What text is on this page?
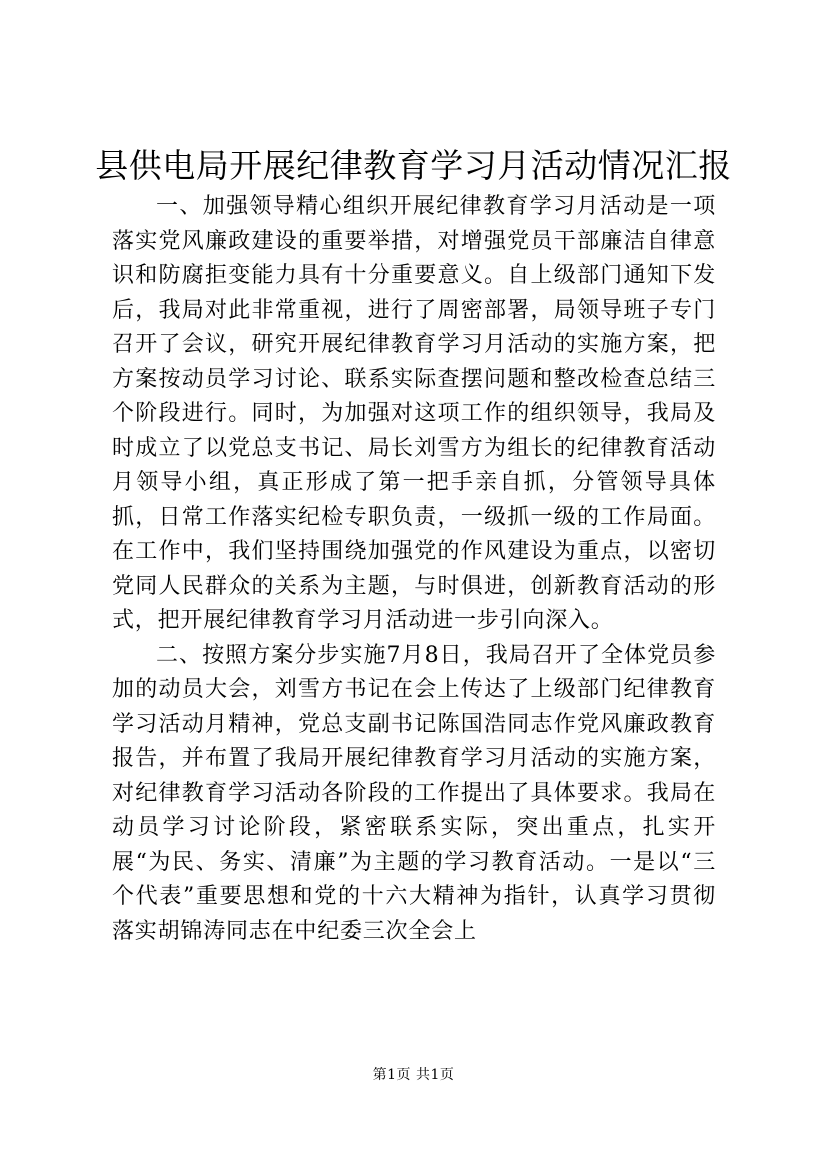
县供电局开展纪律教育学习月活动情况汇报

一、加强领导精心组织开展纪律教育学习月活动是一项落实党风廉政建设的重要举措，对增强党员干部廉洁自律意识和防腐拒变能力具有十分重要意义。自上级部门通知下发后，我局对此非常重视，进行了周密部署，局领导班子专门召开了会议，研究开展纪律教育学习月活动的实施方案，把方案按动员学习讨论、联系实际查摆问题和整改检查总结三个阶段进行。同时，为加强对这项工作的组织领导，我局及时成立了以党总支书记、局长刘雪方为组长的纪律教育活动月领导小组，真正形成了第一把手亲自抓，分管领导具体抓，日常工作落实纪检专职负责，一级抓一级的工作局面。在工作中，我们坚持围绕加强党的作风建设为重点，以密切党同人民群众的关系为主题，与时俱进，创新教育活动的形式，把开展纪律教育学习月活动进一步引向深入。

二、按照方案分步实施7月8日，我局召开了全体党员参加的动员大会，刘雪方书记在会上传达了上级部门纪律教育学习活动月精神，党总支副书记陈国浩同志作党风廉政教育报告，并布置了我局开展纪律教育学习月活动的实施方案，对纪律教育学习活动各阶段的工作提出了具体要求。我局在动员学习讨论阶段，紧密联系实际，突出重点，扎实开展“为民、务实、清廉”为主题的学习教育活动。一是以“三个代表”重要思想和党的十六大精神为指针，认真学习贯彻落实胡锦涛同志在中纪委三次全会上

第1页 共1页
